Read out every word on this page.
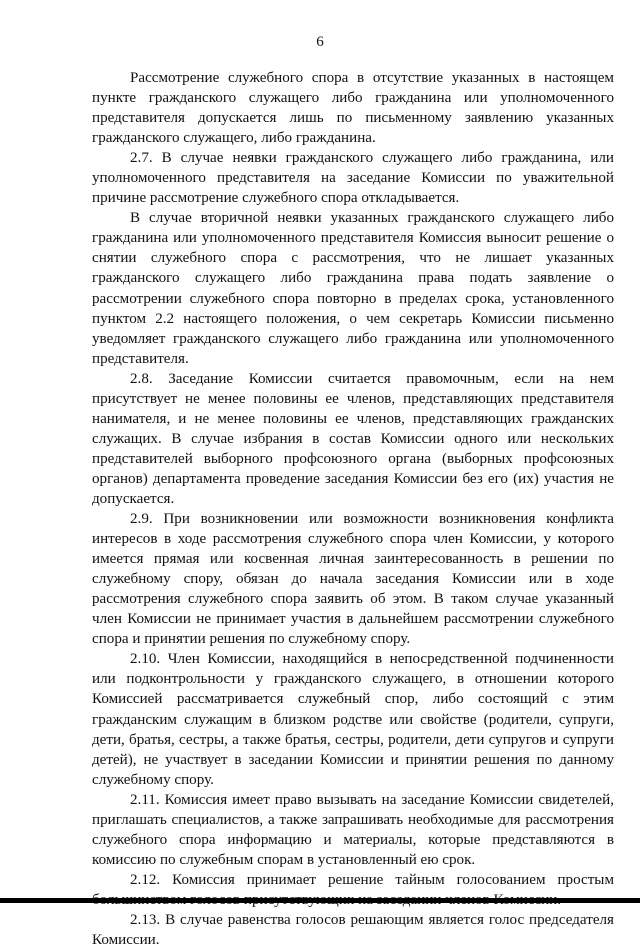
6

Рассмотрение служебного спора в отсутствие указанных в настоящем пункте гражданского служащего либо гражданина или уполномоченного представителя допускается лишь по письменному заявлению указанных гражданского служащего, либо гражданина.

2.7. В случае неявки гражданского служащего либо гражданина, или уполномоченного представителя на заседание Комиссии по уважительной причине рассмотрение служебного спора откладывается.

В случае вторичной неявки указанных гражданского служащего либо гражданина или уполномоченного представителя Комиссия выносит решение о снятии служебного спора с рассмотрения, что не лишает указанных гражданского служащего либо гражданина права подать заявление о рассмотрении служебного спора повторно в пределах срока, установленного пунктом 2.2 настоящего положения, о чем секретарь Комиссии письменно уведомляет гражданского служащего либо гражданина или уполномоченного представителя.

2.8. Заседание Комиссии считается правомочным, если на нем присутствует не менее половины ее членов, представляющих представителя нанимателя, и не менее половины ее членов, представляющих гражданских служащих. В случае избрания в состав Комиссии одного или нескольких представителей выборного профсоюзного органа (выборных профсоюзных органов) департамента проведение заседания Комиссии без его (их) участия не допускается.

2.9. При возникновении или возможности возникновения конфликта интересов в ходе рассмотрения служебного спора член Комиссии, у которого имеется прямая или косвенная личная заинтересованность в решении по служебному спору, обязан до начала заседания Комиссии или в ходе рассмотрения служебного спора заявить об этом. В таком случае указанный член Комиссии не принимает участия в дальнейшем рассмотрении служебного спора и принятии решения по служебному спору.

2.10. Член Комиссии, находящийся в непосредственной подчиненности или подконтрольности у гражданского служащего, в отношении которого Комиссией рассматривается служебный спор, либо состоящий с этим гражданским служащим в близком родстве или свойстве (родители, супруги, дети, братья, сестры, а также братья, сестры, родители, дети супругов и супруги детей), не участвует в заседании Комиссии и принятии решения по данному служебному спору.

2.11. Комиссия имеет право вызывать на заседание Комиссии свидетелей, приглашать специалистов, а также запрашивать необходимые для рассмотрения служебного спора информацию и материалы, которые представляются в комиссию по служебным спорам в установленный ею срок.

2.12. Комиссия принимает решение тайным голосованием простым

2.13. В случае равенства голосов решающим является голос председателя Комиссии.
